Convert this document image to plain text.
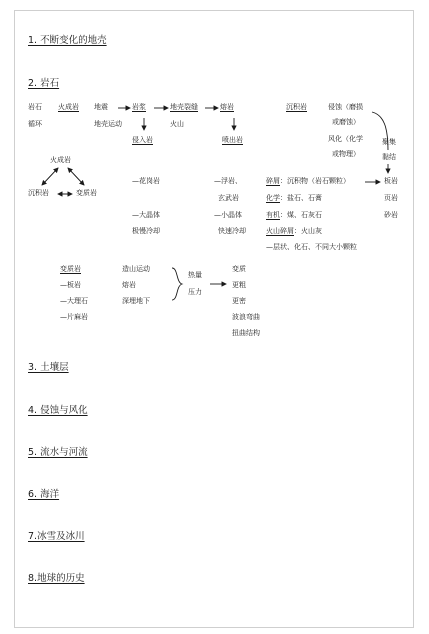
1. 不断变化的地壳
2. 岩石
岩石
循环
火成岩 地震
地壳运动
岩浆	地壳裂缝
火山
熔岩
侵入岩	喷出岩
沉积岩	侵蚀（磨损
或磨蚀）
风化（化学
或物理）
聚集
黏结
火成岩
沉积岩	变质岩
—花岗岩	—浮岩、
玄武岩
—大晶体
极慢冷却
—小晶体
快速冷却
碎屑：沉积物（岩石颗粒）
化学：盐石、石膏
有机：煤、石灰石
火山碎屑：火山灰
—层状、化石、不同大小颗粒
板岩
页岩
砂岩
变质岩
—板岩
—大理石
—片麻岩
造山运动
熔岩
深埋地下
热量
压力
变质
更粗
更密
波浪弯曲
扭曲结构
3. 土壤层
4. 侵蚀与风化
5. 流水与河流
6. 海洋
7.冰雪及冰川
8.地球的历史
